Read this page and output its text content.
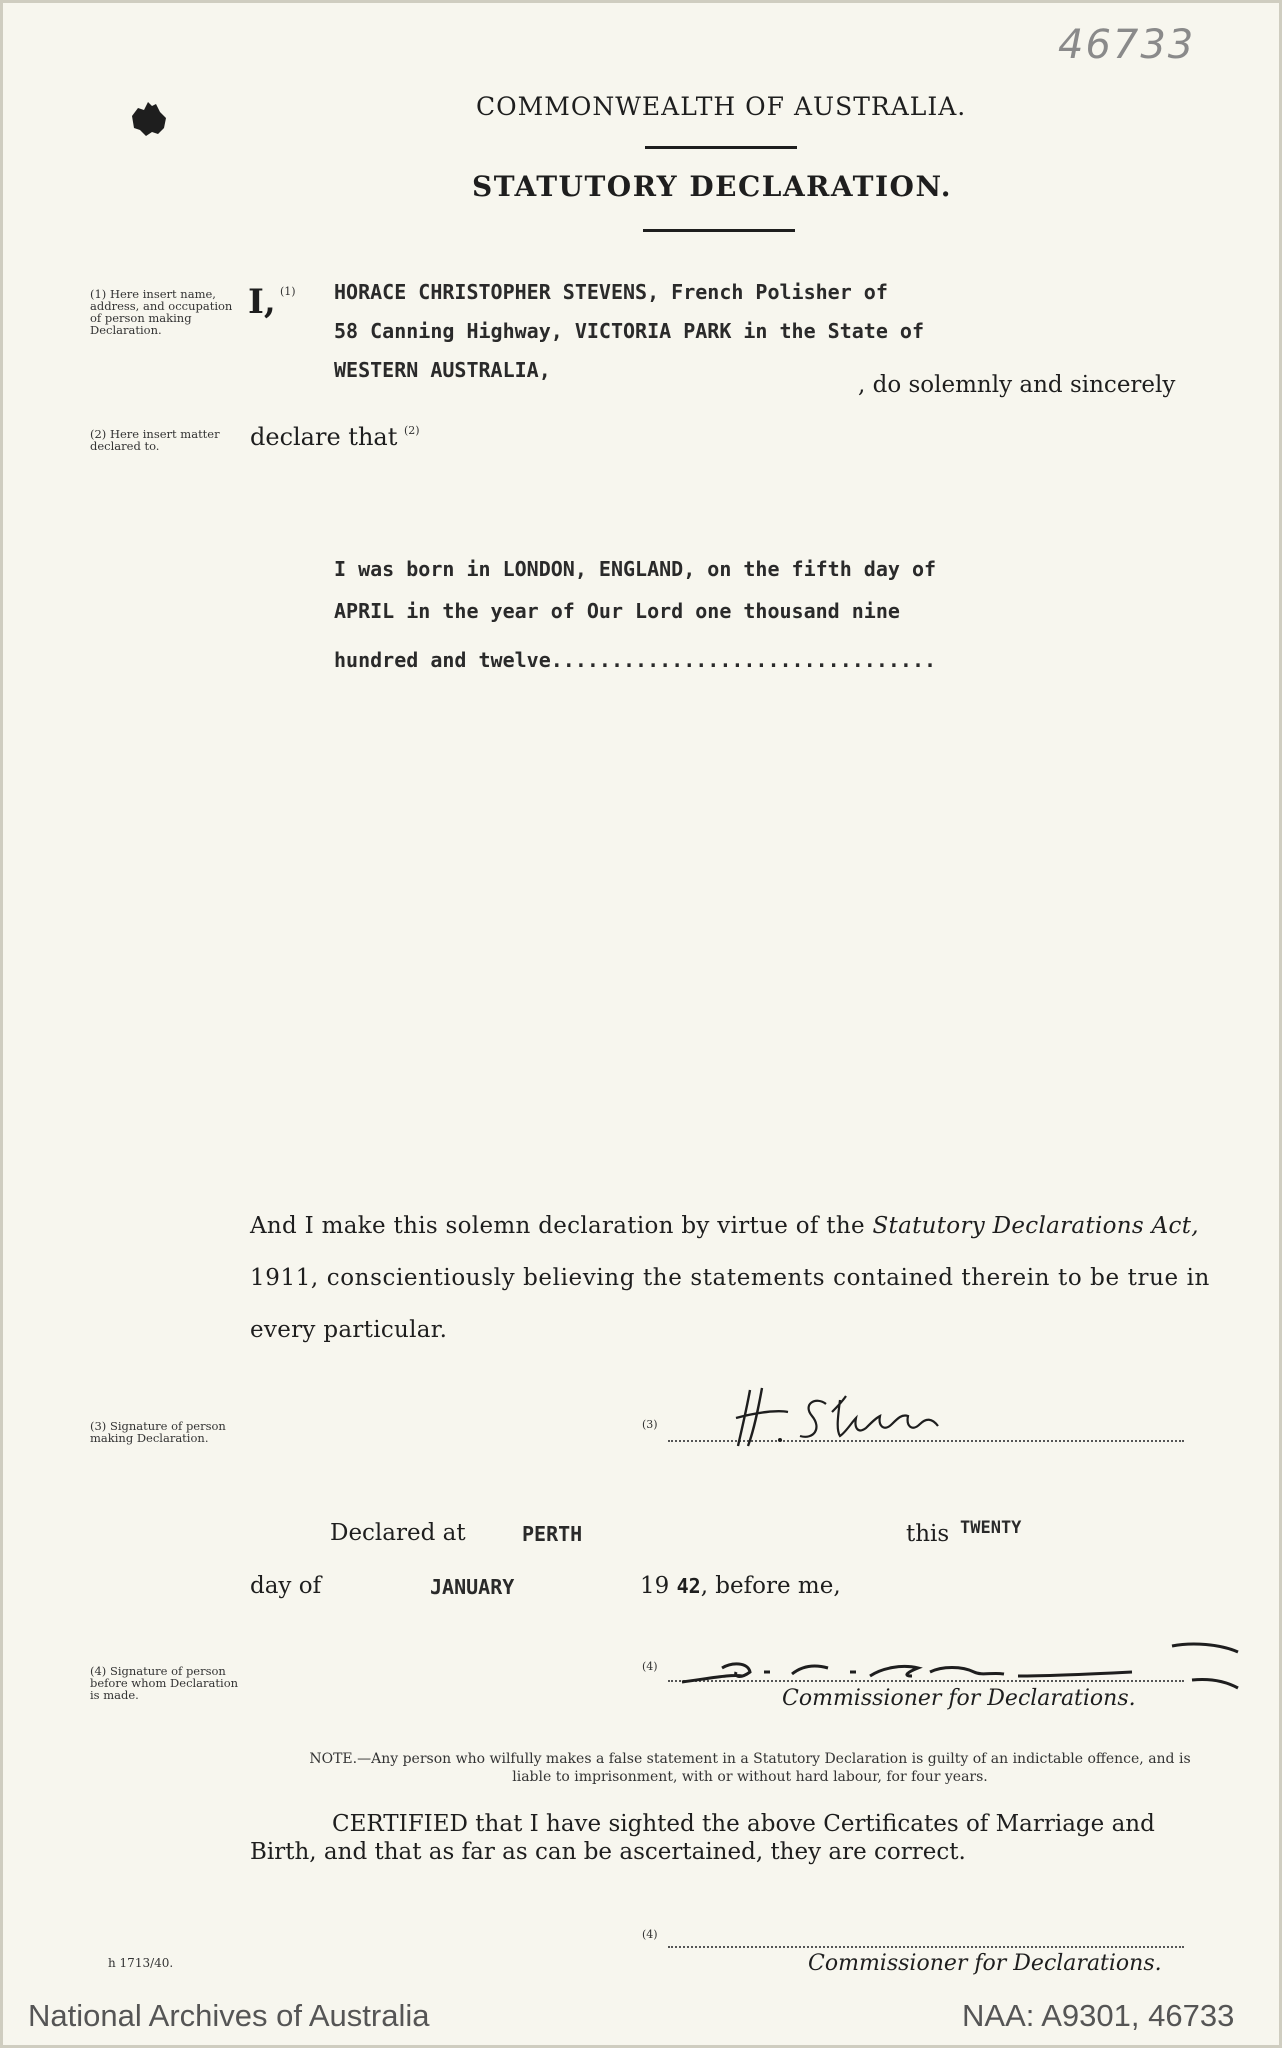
46733
COMMONWEALTH OF AUSTRALIA.
STATUTORY DECLARATION.
(1) Here insert name, address, and occupation of person making Declaration.
I, (1) HORACE CHRISTOPHER STEVENS, French Polisher of
58 Canning Highway, VICTORIA PARK in the State of
WESTERN AUSTRALIA,
, do solemnly and sincerely
(2) Here insert matter declared to.	declare that (2)
I was born in LONDON, ENGLAND, on the fifth day of
APRIL in the year of Our Lord one thousand nine
hundred and twelve................................
And I make this solemn declaration by virtue of the Statutory Declarations Act,
1911, conscientiously believing the statements contained therein to be true in
every particular.
(3) Signature of person making Declaration.
(3)
Declared at	PERTH	this TWENTY
day of	JANUARY	19 42, before me,
(4) Signature of person before whom Declaration is made.
(4)
Commissioner for Declarations.
NOTE.—Any person who wilfully makes a false statement in a Statutory Declaration is guilty of an indictable offence, and is liable to imprisonment, with or without hard labour, for four years.
CERTIFIED that I have sighted the above Certificates of Marriage and Birth, and that as far as can be ascertained, they are correct.
(4)
Commissioner for Declarations.
h 1713/40.
National Archives of Australia	NAA: A9301, 46733
